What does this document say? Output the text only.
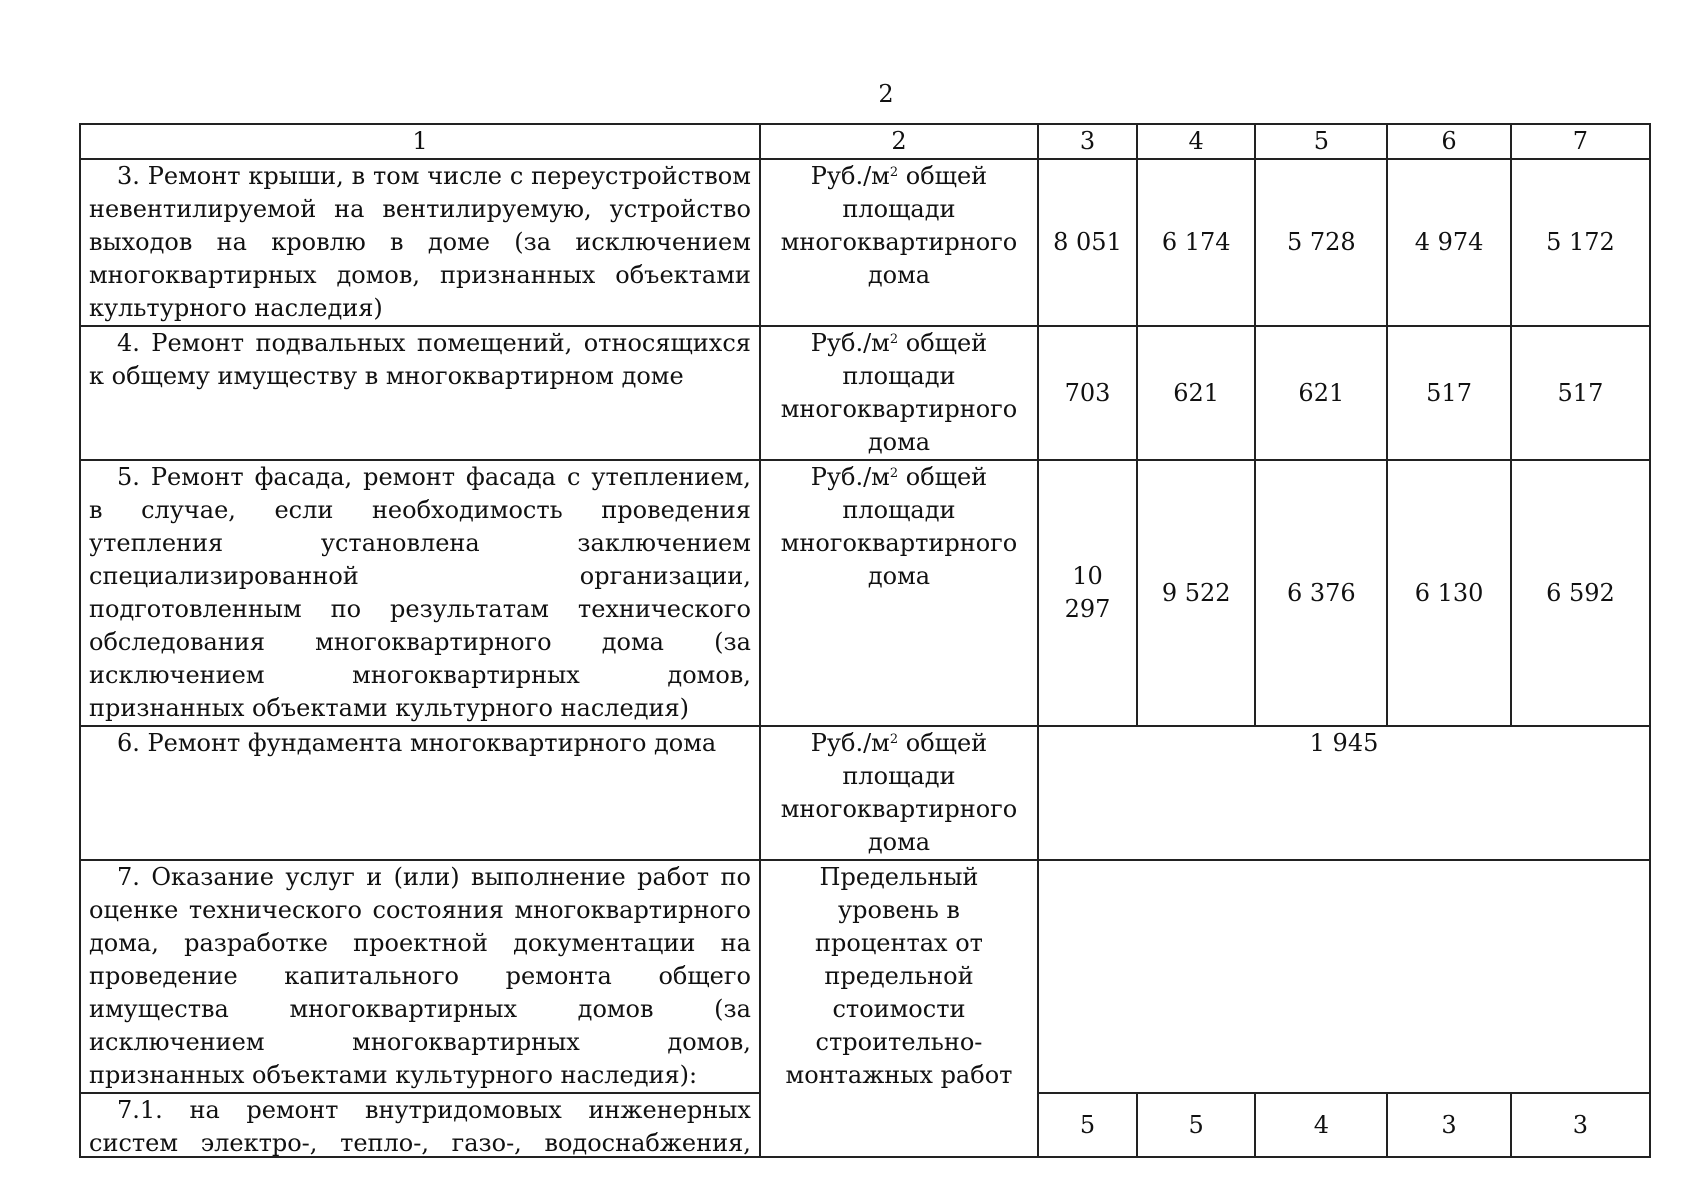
2
1	2	3	4	5	6	7

3. Ремонт крыши, в том числе с переустройством невентилируемой на вентилируемую, устройство выходов на кровлю в доме (за исключением многоквартирных домов, признанных объектами культурного наследия)	$Руб./м^2$ общей площади многоквартирного дома	8 051	6 174	5 728	4 974	5 172

4. Ремонт подвальных помещений, относящихся к общему имуществу в многоквартирном доме	$Руб./м^2$ общей площади многоквартирного дома	703	621	621	517	517

5. Ремонт фасада, ремонт фасада с утеплением, в случае, если необходимость проведения утепления установлена заключением специализированной организации, подготовленным по результатам технического обследования многоквартирного дома (за исключением многоквартирных домов, признанных объектами культурного наследия)	$Руб./м^2$ общей площади многоквартирного дома	10 297	9 522	6 376	6 130	6 592

6. Ремонт фундамента многоквартирного дома	$Руб./м^2$ общей площади многоквартирного дома	1 945				

7. Оказание услуг и (или) выполнение работ по оценке технического состояния многоквартирного дома, разработке проектной документации на проведение капитального ремонта общего имущества многоквартирных домов (за исключением многоквартирных домов, признанных объектами культурного наследия):	Предельный уровень в процентах от предельной стоимости строительно-монтажных работ					

7.1. на ремонт внутридомовых инженерных систем электро-, тепло-, газо-, водоснабжения,		5	5	4	3	3
